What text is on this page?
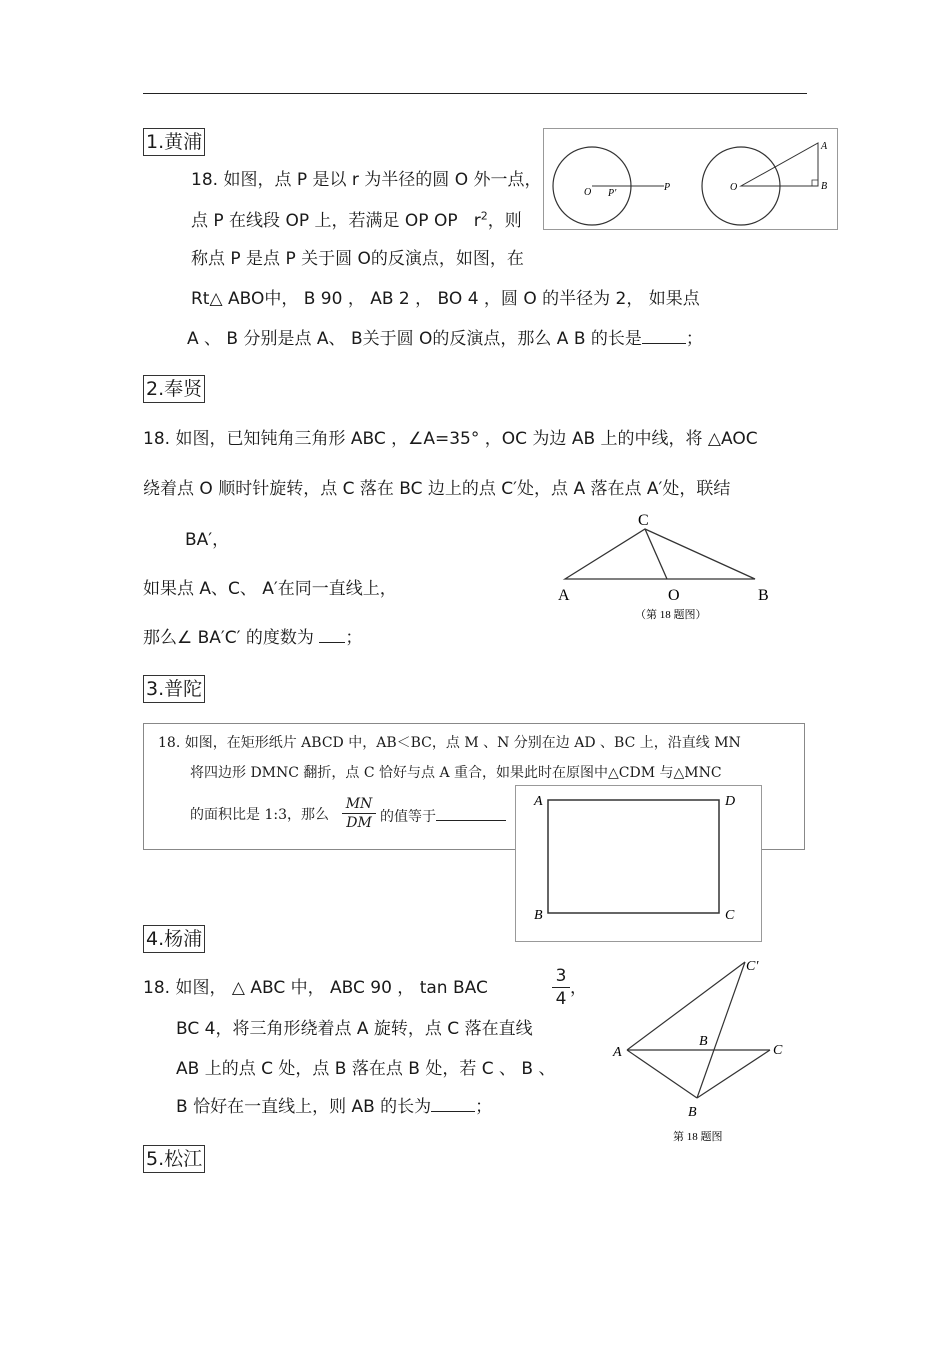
1.黄浦
18. 如图，点 P 是以 r 为半径的圆 O 外一点，
点 P 在线段 OP 上，若满足 OP OP $r^2$，则
称点 P 是点 P 关于圆 O的反演点，如图，在
Rt△ ABO中， B 90 ， AB 2 ， BO 4 ，圆 O 的半径为 2， 如果点
A 、 B 分别是点 A、 B关于圆 O的反演点，那么 A B 的长是	；
O P′
P	O
A
B
2.奉贤
18. 如图，已知钝角三角形 ABC ，∠A=35° ，OC 为边 AB 上的中线，将 △AOC
绕着点 O 顺时针旋转，点 C 落在 BC 边上的点 C′处，点 A 落在点 A′处，联结
BA′，
如果点 A、C、 A′在同一直线上，
那么∠ BA′C′ 的度数为 ；
C
A	O	B
（第 18 题图）
3.普陀
18. 如图，在矩形纸片 ABCD 中，AB＜BC，点 M 、N 分别在边 AD 、BC 上，沿直线 MN
将四边形 DMNC 翻折，点 C 恰好与点 A 重合，如果此时在原图中△CDM 与△MNC
的面积比是 1:3，那么
MN
DM 的值等于
A	D
B	C
4.杨浦
18. 如图， △ ABC 中， ABC 90 ， tan BAC
3
4
，
BC 4，将三角形绕着点 A 旋转，点 C 落在直线
AB 上的点 C 处，点 B 落在点 B 处，若 C 、 B 、
B 恰好在一直线上，则 AB 的长为	；
C′
A
B
C
B
第 18 题图
5.松江
